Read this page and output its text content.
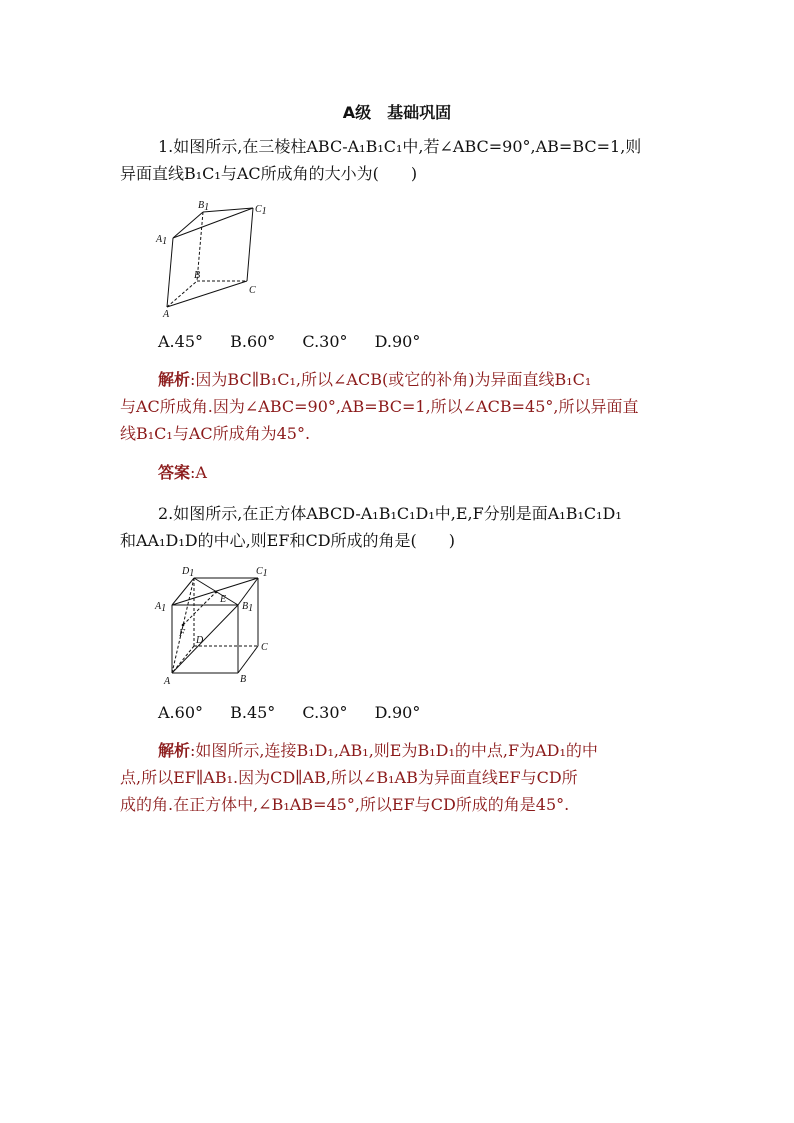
A级　基础巩固
1.如图所示,在三棱柱ABC-A₁B₁C₁中,若∠ABC=90°,AB=BC=1,则
异面直线B₁C₁与AC所成角的大小为(　　)
B1	C1
A1
B
C
A
A.45° B.60° C.30° D.90°
解析:因为BC∥B₁C₁,所以∠ACB(或它的补角)为异面直线B₁C₁
与AC所成角.因为∠ABC=90°,AB=BC=1,所以∠ACB=45°,所以异面直
线B₁C₁与AC所成角为45°.
答案:A
2.如图所示,在正方体ABCD-A₁B₁C₁D₁中,E,F分别是面A₁B₁C₁D₁
和AA₁D₁D的中心,则EF和CD所成的角是(　　)
D1	C1
A1	B1
E
F
D
C
A	B
A.60° B.45° C.30° D.90°
解析:如图所示,连接B₁D₁,AB₁,则E为B₁D₁的中点,F为AD₁的中
点,所以EF∥AB₁.因为CD∥AB,所以∠B₁AB为异面直线EF与CD所
成的角.在正方体中,∠B₁AB=45°,所以EF与CD所成的角是45°.
